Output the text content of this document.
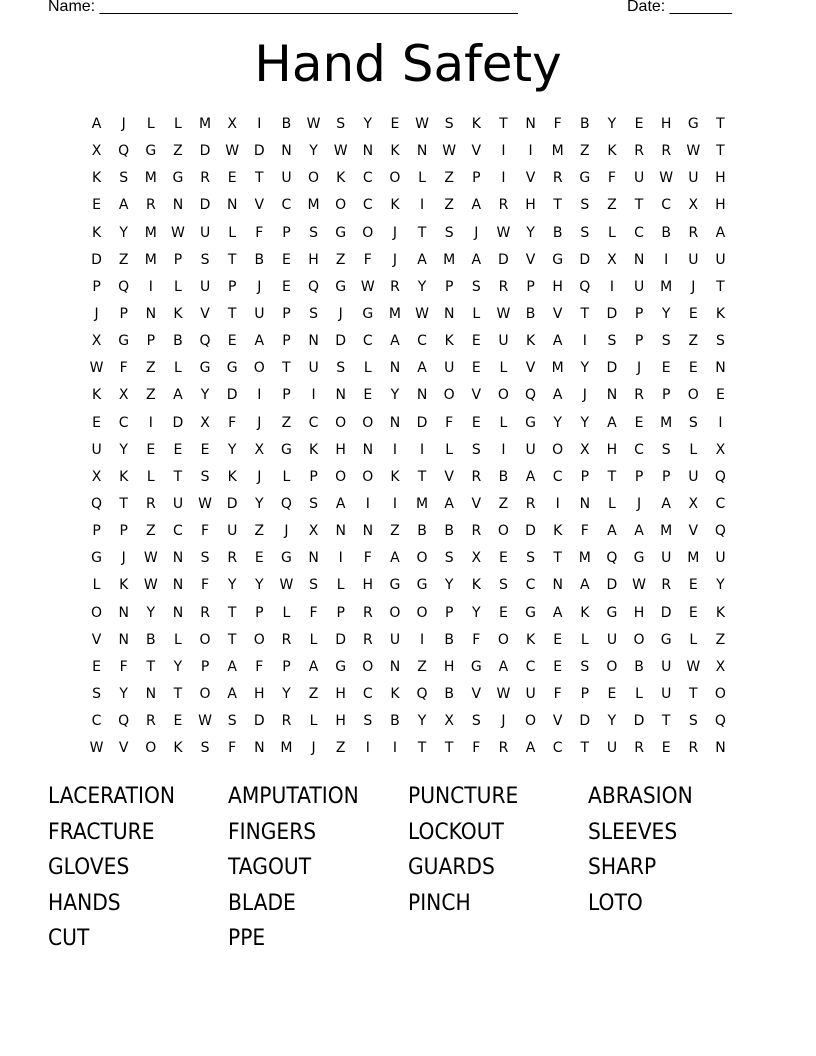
Name: _______________________________________________	Date: _______
Hand Safety
A	J	L	L	M	X	I	B	W	S	Y	E	W	S	K	T	N	F	B	Y	E	H	G	T
X	Q	G	Z	D	W	D	N	Y	W	N	K	N	W	V	I	I	M	Z	K	R	R	W	T
K	S	M	G	R	E	T	U	O	K	C	O	L	Z	P	I	V	R	G	F	U	W	U	H
E	A	R	N	D	N	V	C	M	O	C	K	I	Z	A	R	H	T	S	Z	T	C	X	H
K	Y	M	W	U	L	F	P	S	G	O	J	T	S	J	W	Y	B	S	L	C	B	R	A
D	Z	M	P	S	T	B	E	H	Z	F	J	A	M	A	D	V	G	D	X	N	I	U	U
P	Q	I	L	U	P	J	E	Q	G	W	R	Y	P	S	R	P	H	Q	I	U	M	J	T
J	P	N	K	V	T	U	P	S	J	G	M	W	N	L	W	B	V	T	D	P	Y	E	K
X	G	P	B	Q	E	A	P	N	D	C	A	C	K	E	U	K	A	I	S	P	S	Z	S
W	F	Z	L	G	G	O	T	U	S	L	N	A	U	E	L	V	M	Y	D	J	E	E	N
K	X	Z	A	Y	D	I	P	I	N	E	Y	N	O	V	O	Q	A	J	N	R	P	O	E
E	C	I	D	X	F	J	Z	C	O	O	N	D	F	E	L	G	Y	Y	A	E	M	S	I
U	Y	E	E	E	Y	X	G	K	H	N	I	I	L	S	I	U	O	X	H	C	S	L	X
X	K	L	T	S	K	J	L	P	O	O	K	T	V	R	B	A	C	P	T	P	P	U	Q
Q	T	R	U	W	D	Y	Q	S	A	I	I	M	A	V	Z	R	I	N	L	J	A	X	C
P	P	Z	C	F	U	Z	J	X	N	N	Z	B	B	R	O	D	K	F	A	A	M	V	Q
G	J	W	N	S	R	E	G	N	I	F	A	O	S	X	E	S	T	M	Q	G	U	M	U
L	K	W	N	F	Y	Y	W	S	L	H	G	G	Y	K	S	C	N	A	D	W	R	E	Y
O	N	Y	N	R	T	P	L	F	P	R	O	O	P	Y	E	G	A	K	G	H	D	E	K
V	N	B	L	O	T	O	R	L	D	R	U	I	B	F	O	K	E	L	U	O	G	L	Z
E	F	T	Y	P	A	F	P	A	G	O	N	Z	H	G	A	C	E	S	O	B	U	W	X
S	Y	N	T	O	A	H	Y	Z	H	C	K	Q	B	V	W	U	F	P	E	L	U	T	O
C	Q	R	E	W	S	D	R	L	H	S	B	Y	X	S	J	O	V	D	Y	D	T	S	Q
W	V	O	K	S	F	N	M	J	Z	I	I	T	T	F	R	A	C	T	U	R	E	R	N
LACERATION	AMPUTATION	PUNCTURE	ABRASION
FRACTURE	FINGERS	LOCKOUT	SLEEVES
GLOVES	TAGOUT	GUARDS	SHARP
HANDS	BLADE	PINCH	LOTO
CUT	PPE
